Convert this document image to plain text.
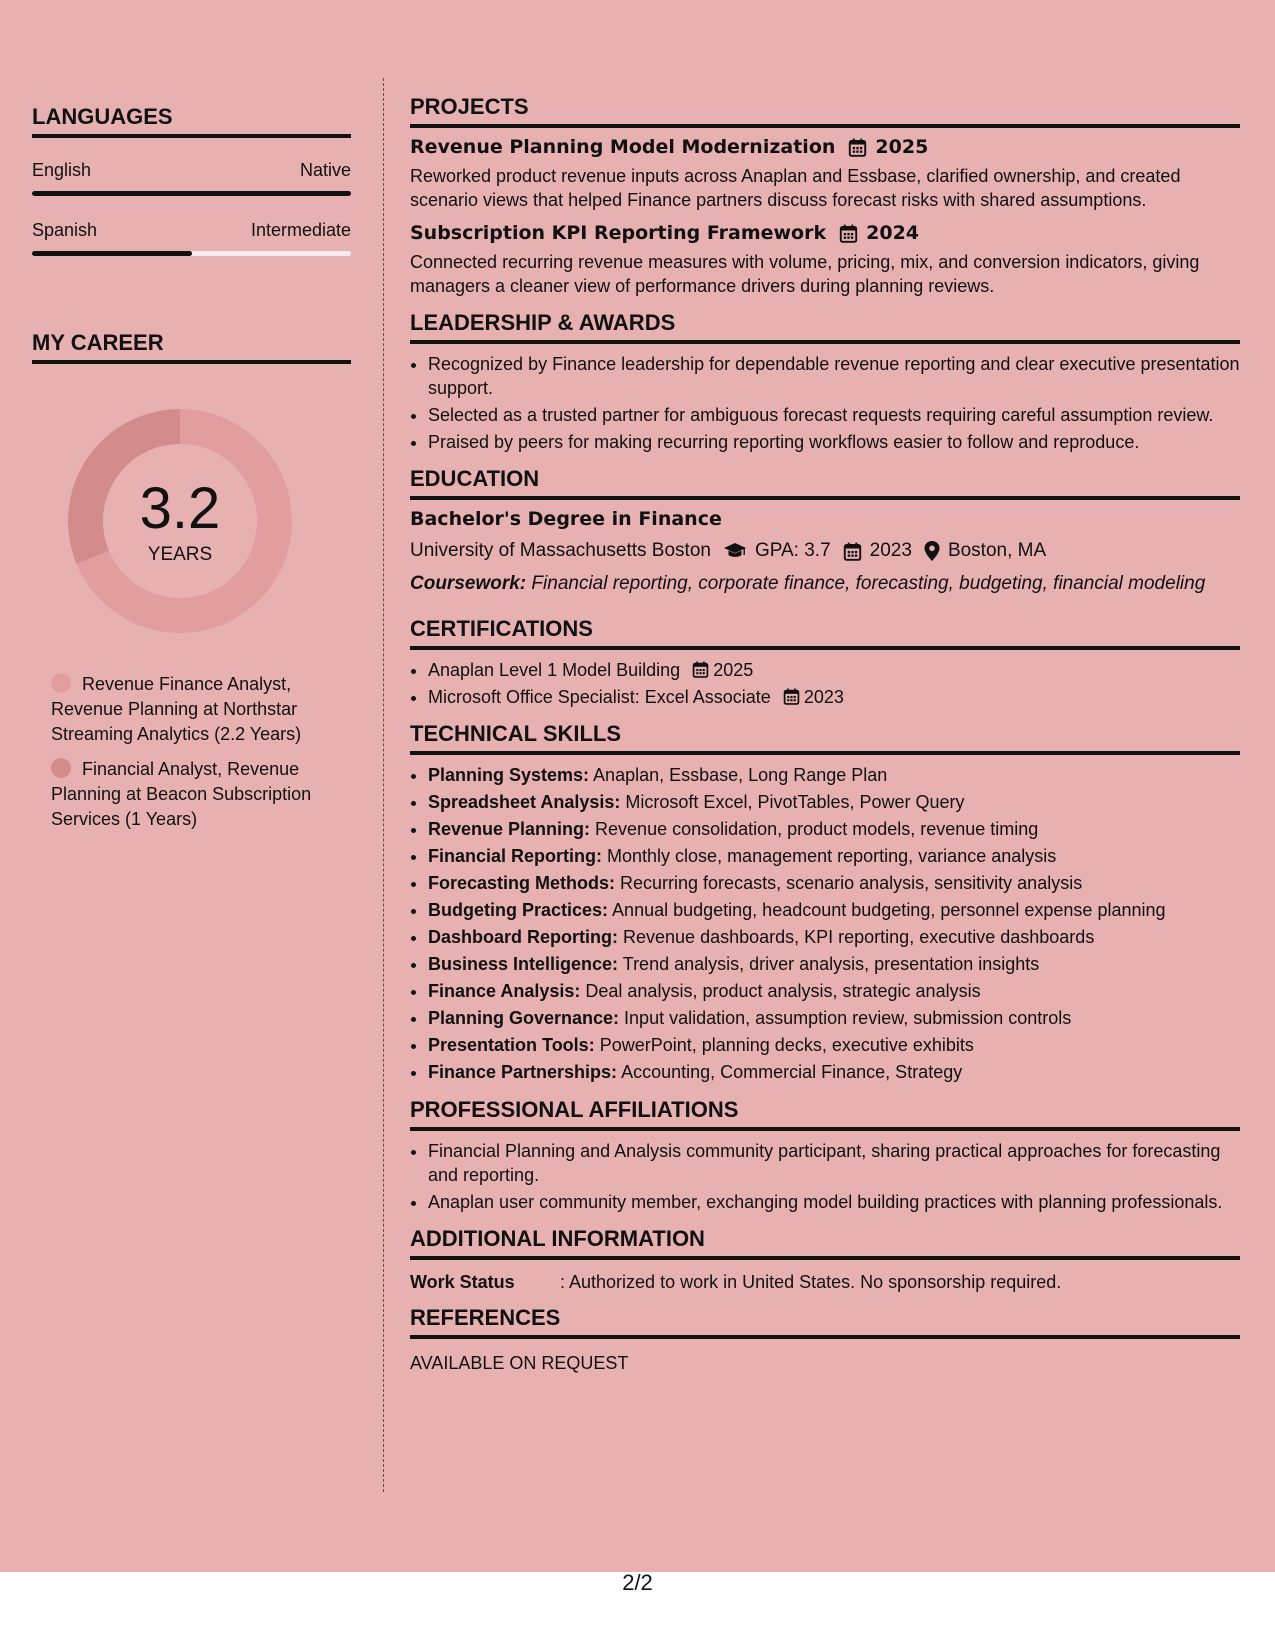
LANGUAGES
English	Native
Spanish	Intermediate
MY CAREER
3.2
YEARS
Revenue Finance Analyst, Revenue Planning at Northstar Streaming Analytics (2.2 Years)
Financial Analyst, Revenue Planning at Beacon Subscription Services (1 Years)
PROJECTS
Revenue Planning Model Modernization 2025
Reworked product revenue inputs across Anaplan and Essbase, clarified ownership, and created scenario views that helped Finance partners discuss forecast risks with shared assumptions.
Subscription KPI Reporting Framework 2024
Connected recurring revenue measures with volume, pricing, mix, and conversion indicators, giving managers a cleaner view of performance drivers during planning reviews.
LEADERSHIP & AWARDS
• Recognized by Finance leadership for dependable revenue reporting and clear executive presentation support.
• Selected as a trusted partner for ambiguous forecast requests requiring careful assumption review.
• Praised by peers for making recurring reporting workflows easier to follow and reproduce.
EDUCATION
Bachelor's Degree in Finance
University of Massachusetts Boston GPA: 3.7 2023 Boston, MA
Coursework: Financial reporting, corporate finance, forecasting, budgeting, financial modeling
CERTIFICATIONS
• Anaplan Level 1 Model Building 2025
• Microsoft Office Specialist: Excel Associate 2023
TECHNICAL SKILLS
• Planning Systems: Anaplan, Essbase, Long Range Plan
• Spreadsheet Analysis: Microsoft Excel, PivotTables, Power Query
• Revenue Planning: Revenue consolidation, product models, revenue timing
• Financial Reporting: Monthly close, management reporting, variance analysis
• Forecasting Methods: Recurring forecasts, scenario analysis, sensitivity analysis
• Budgeting Practices: Annual budgeting, headcount budgeting, personnel expense planning
• Dashboard Reporting: Revenue dashboards, KPI reporting, executive dashboards
• Business Intelligence: Trend analysis, driver analysis, presentation insights
• Finance Analysis: Deal analysis, product analysis, strategic analysis
• Planning Governance: Input validation, assumption review, submission controls
• Presentation Tools: PowerPoint, planning decks, executive exhibits
• Finance Partnerships: Accounting, Commercial Finance, Strategy
PROFESSIONAL AFFILIATIONS
• Financial Planning and Analysis community participant, sharing practical approaches for forecasting and reporting.
• Anaplan user community member, exchanging model building practices with planning professionals.
ADDITIONAL INFORMATION
Work Status	: Authorized to work in United States. No sponsorship required.
REFERENCES
AVAILABLE ON REQUEST
2/2
